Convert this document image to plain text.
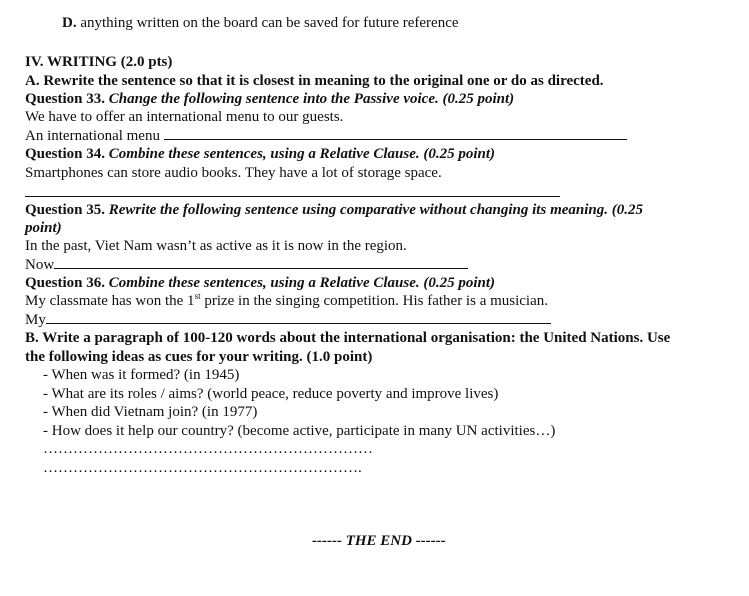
D. anything written on the board can be saved for future reference
IV. WRITING (2.0 pts)
A. Rewrite the sentence so that it is closest in meaning to the original one or do as directed.
Question 33. Change the following sentence into the Passive voice. (0.25 point)
We have to offer an international menu to our guests.
An international menu
Question 34. Combine these sentences, using a Relative Clause. (0.25 point)
Smartphones can store audio books. They have a lot of storage space.
Question 35. Rewrite the following sentence using comparative without changing its meaning. (0.25
point)
In the past, Viet Nam wasn’t as active as it is now in the region.
Now
Question 36. Combine these sentences, using a Relative Clause. (0.25 point)
My classmate has won the 1st prize in the singing competition. His father is a musician.
My
B. Write a paragraph of 100-120 words about the international organisation: the United Nations. Use
the following ideas as cues for your writing. (1.0 point)
- When was it formed? (in 1945)
- What are its roles / aims? (world peace, reduce poverty and improve lives)
- When did Vietnam join? (in 1977)
- How does it help our country? (become active, participate in many UN activities…)
…………………………………………………………
……………………………………………………….
------ THE END ------
